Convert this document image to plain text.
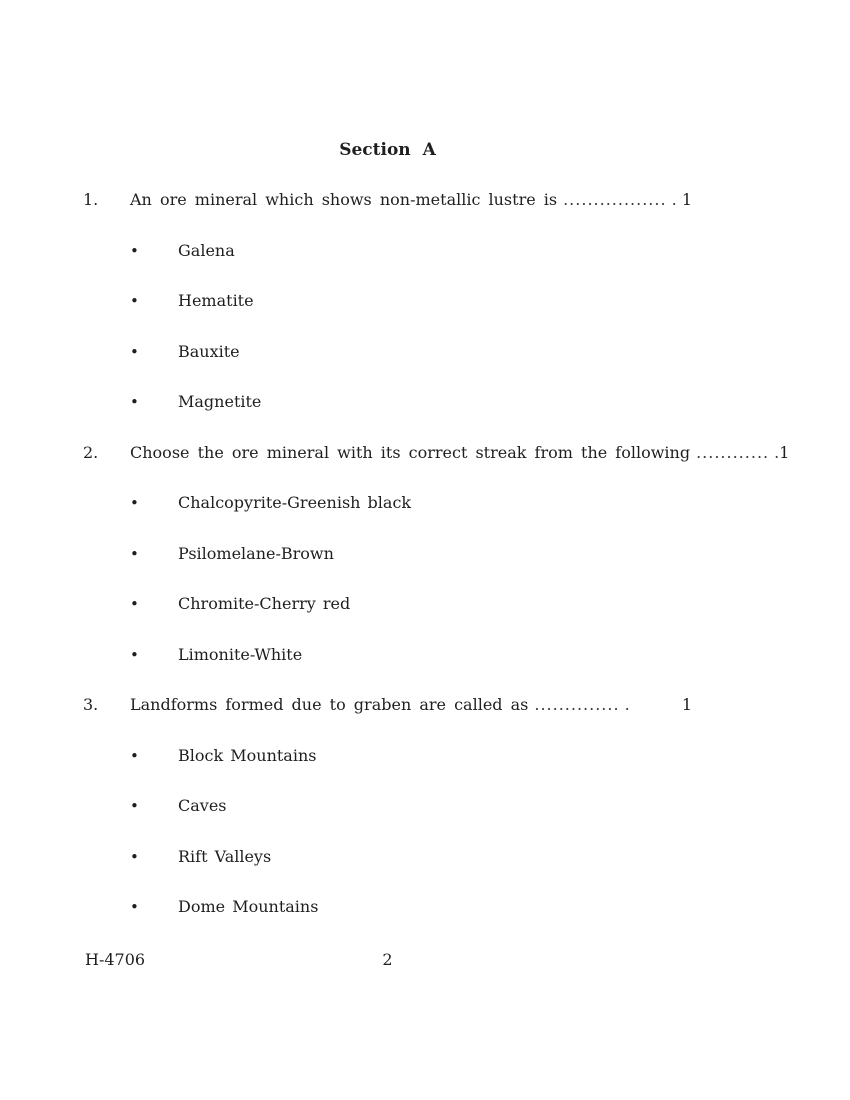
Section A
1.	An ore mineral which shows non-metallic lustre is ................. . 1
•	Galena
•	Hematite
•	Bauxite
•	Magnetite
2.	Choose the ore mineral with its correct streak from the following ............ . 1
•	Chalcopyrite-Greenish black
•	Psilomelane-Brown
•	Chromite-Cherry red
•	Limonite-White
3.	Landforms formed due to graben are called as .............. .	1
•	Block Mountains
•	Caves
•	Rift Valleys
•	Dome Mountains
H-4706	2
